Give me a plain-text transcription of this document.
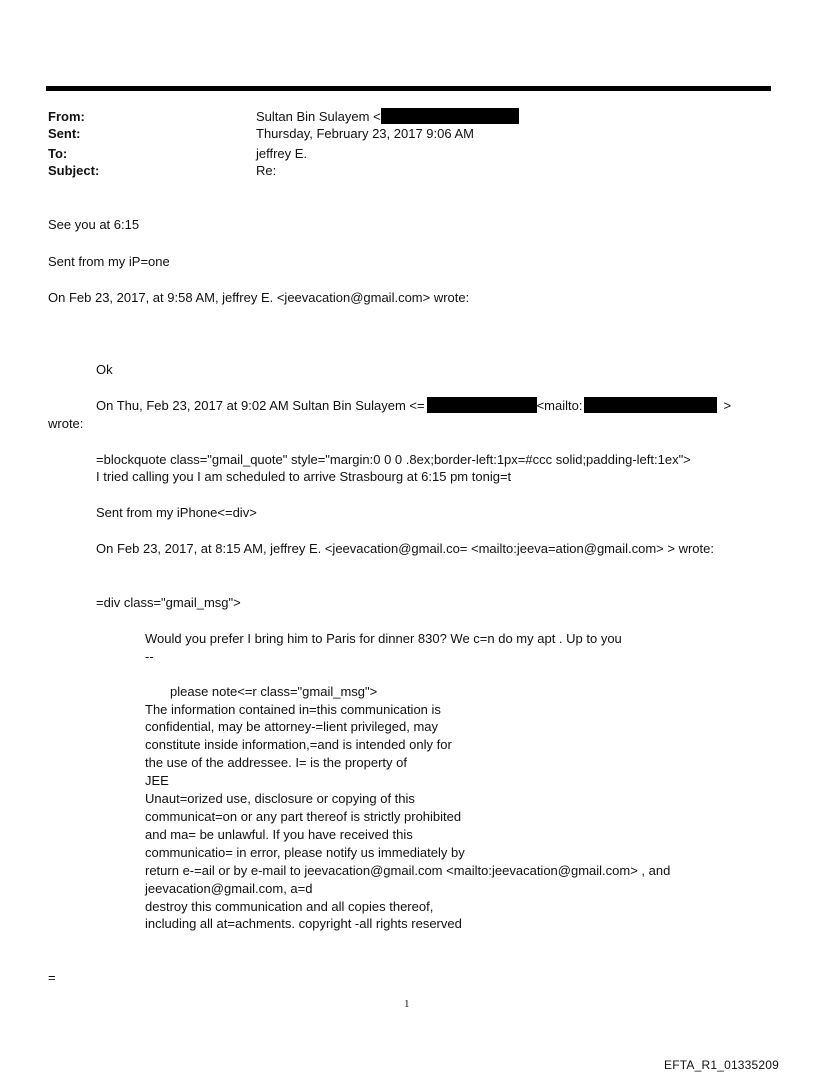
From:	Sultan Bin Sulayem <
Sent:	Thursday, February 23, 2017 9:06 AM
To:	jeffrey E.
Subject:	Re:
See you at 6:15
Sent from my iP=one
On Feb 23, 2017, at 9:58 AM, jeffrey E. <jeevacation@gmail.com> wrote:
Ok
On Thu, Feb 23, 2017 at 9:02 AM Sultan Bin Sulayem <=	<mailto:	>
wrote:
=blockquote class="gmail_quote" style="margin:0 0 0 .8ex;border-left:1px=#ccc solid;padding-left:1ex">
I tried calling you I am scheduled to arrive Strasbourg at 6:15 pm tonig=t
Sent from my iPhone<=div>
On Feb 23, 2017, at 8:15 AM, jeffrey E. <jeevacation@gmail.co= <mailto:jeeva=ation@gmail.com> > wrote:
=div class="gmail_msg">
Would you prefer I bring him to Paris for dinner 830? We c=n do my apt . Up to you
--
please note<=r class="gmail_msg">
The information contained in=this communication is
confidential, may be attorney-=lient privileged, may
constitute inside information,=and is intended only for
the use of the addressee. I= is the property of
JEE
Unaut=orized use, disclosure or copying of this
communicat=on or any part thereof is strictly prohibited
and ma= be unlawful. If you have received this
communicatio= in error, please notify us immediately by
return e-=ail or by e-mail to jeevacation@gmail.com <mailto:jeevacation@gmail.com> , and
jeevacation@gmail.com, a=d
destroy this communication and all copies thereof,
including all at=achments. copyright -all rights reserved
=
1
EFTA_R1_01335209
